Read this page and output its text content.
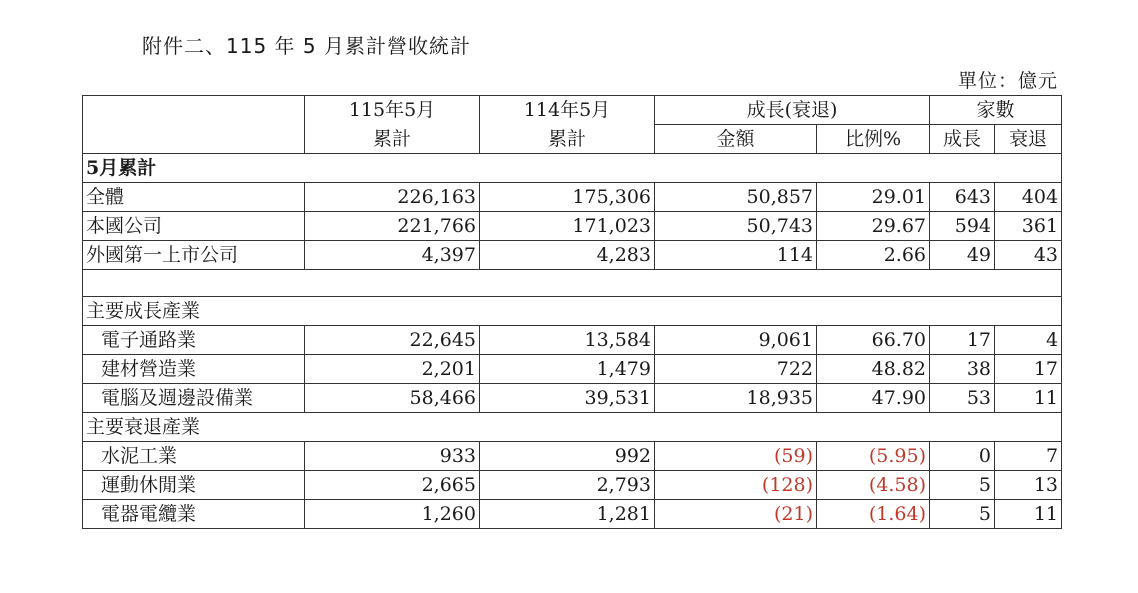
附件二、115 年 5 月累計營收統計
單位：億元
	115年5月	114年5月	成長(衰退)		家數	
	累計	累計	金額	比例%	成長	衰退
5月累計						
全體	226,163	175,306	50,857	29.01	643	404
本國公司	221,766	171,023	50,743	29.67	594	361
外國第一上市公司	4,397	4,283	114	2.66	49	43

主要成長產業						
電子通路業	22,645	13,584	9,061	66.70	17	4
建材營造業	2,201	1,479	722	48.82	38	17
電腦及週邊設備業	58,466	39,531	18,935	47.90	53	11
主要衰退產業						
水泥工業	933	992	(59)	(5.95)	0	7
運動休閒業	2,665	2,793	(128)	(4.58)	5	13
電器電纜業	1,260	1,281	(21)	(1.64)	5	11
